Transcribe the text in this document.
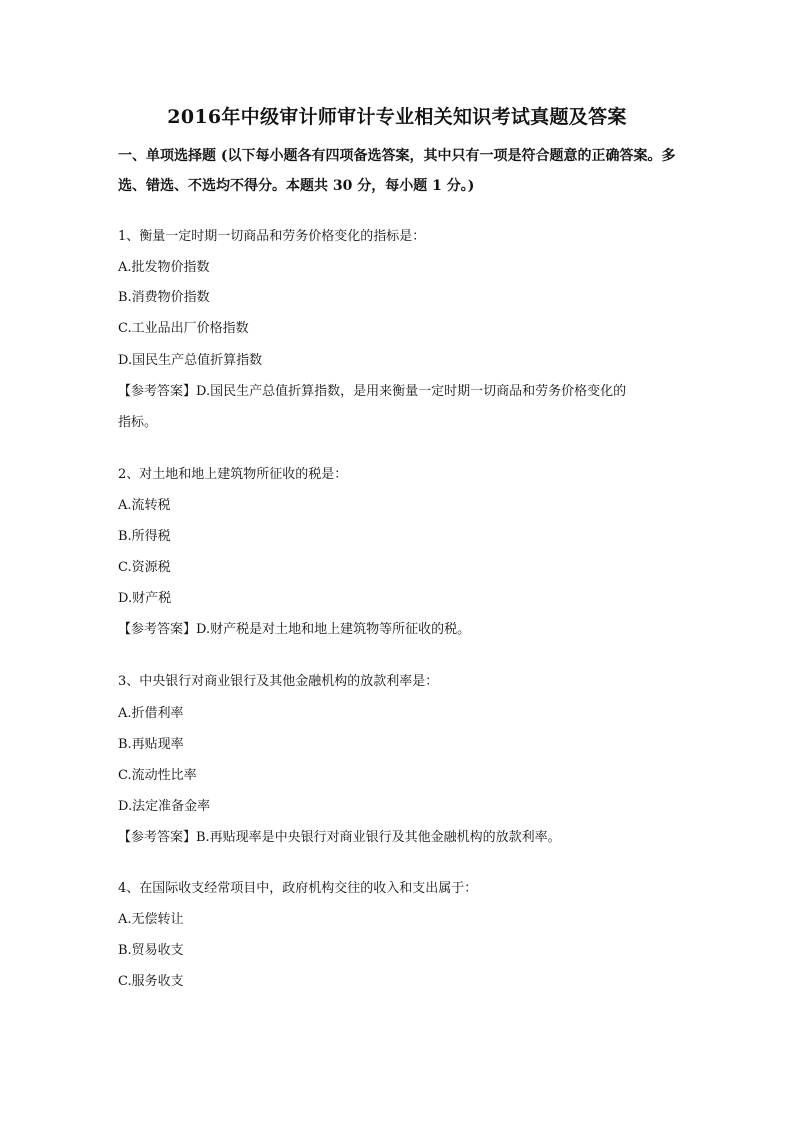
2016年中级审计师审计专业相关知识考试真题及答案
一、单项选择题 (以下每小题各有四项备选答案，其中只有一项是符合题意的正确答案。多
选、错选、不选均不得分。本题共 30 分，每小题 1 分。)
1、衡量一定时期一切商品和劳务价格变化的指标是：
A.批发物价指数
B.消费物价指数
C.工业品出厂价格指数
D.国民生产总值折算指数
【参考答案】D.国民生产总值折算指数，是用来衡量一定时期一切商品和劳务价格变化的
指标。
2、对土地和地上建筑物所征收的税是：
A.流转税
B.所得税
C.资源税
D.财产税
【参考答案】D.财产税是对土地和地上建筑物等所征收的税。
3、中央银行对商业银行及其他金融机构的放款利率是：
A.折借利率
B.再贴现率
C.流动性比率
D.法定准备金率
【参考答案】B.再贴现率是中央银行对商业银行及其他金融机构的放款利率。
4、在国际收支经常项目中，政府机构交往的收入和支出属于：
A.无偿转让
B.贸易收支
C.服务收支
